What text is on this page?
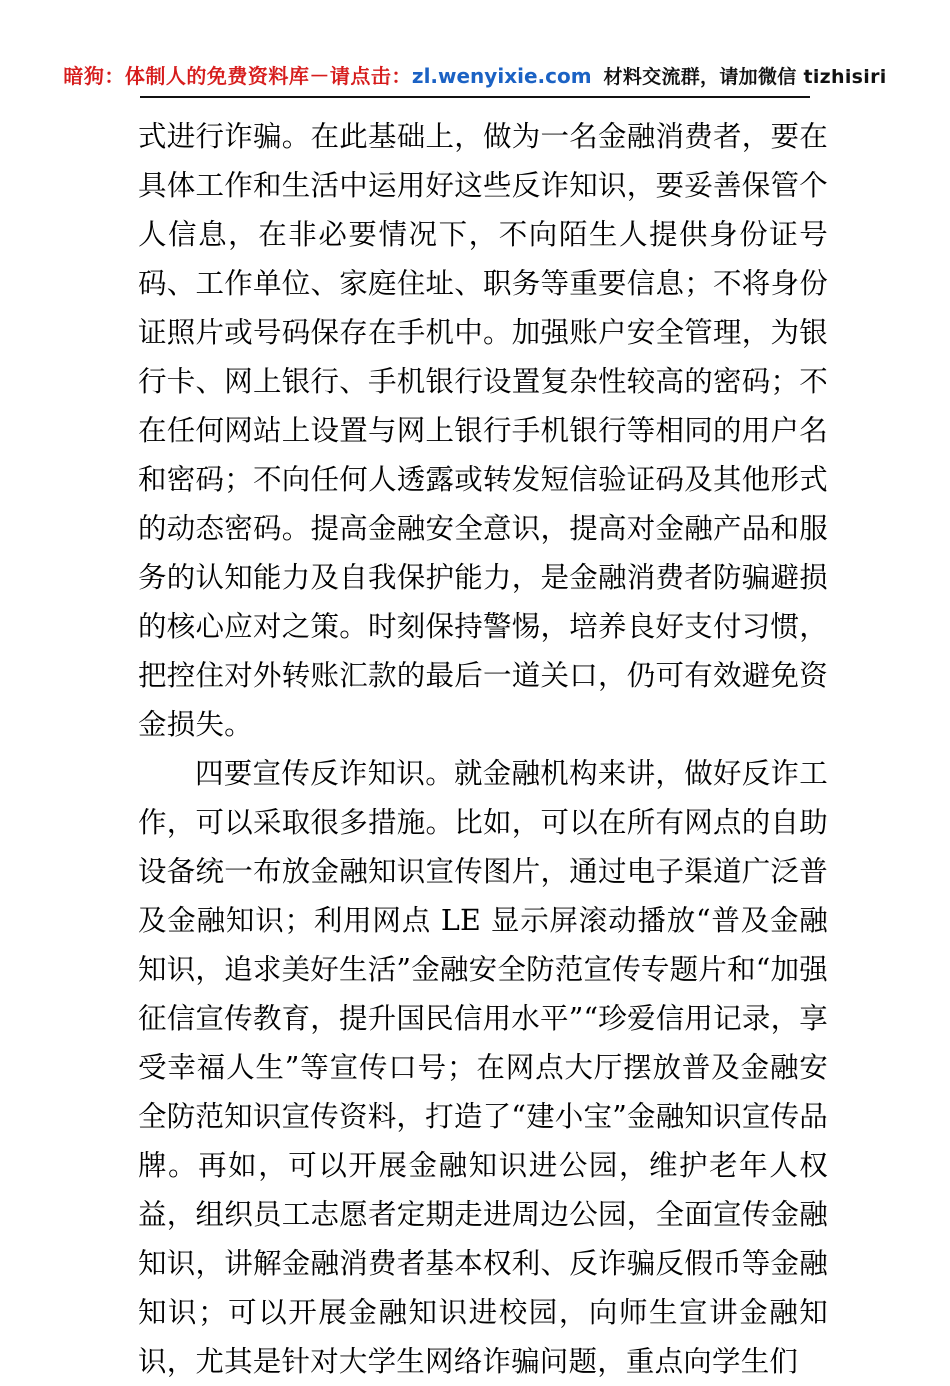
暗狗： 体制人的免费资料库 －请点击： zl.wenyixie.com 材料交流群，请加微信 tizhisiri

式进行诈骗。在此基础上，做为一名金融消费者，要在具体工作和生活中运用好这些反诈知识，要妥善保管个人信息，在非必要情况下，不向陌生人提供身份证号码、工作单位、家庭住址、职务等重要信息；不将身份证照片或号码保存在手机中。加强账户安全管理，为银行卡、网上银行、手机银行设置复杂性较高的密码；不在任何网站上设置与网上银行手机银行等相同的用户名和密码；不向任何人透露或转发短信验证码及其他形式的动态密码。提高金融安全意识，提高对金融产品和服务的认知能力及自我保护能力，是金融消费者防骗避损的核心应对之策。时刻保持警惕，培养良好支付习惯，把控住对外转账汇款的最后一道关口，仍可有效避免资金损失。

四要宣传反诈知识。就金融机构来讲，做好反诈工作，可以采取很多措施。比如，可以在所有网点的自助设备统一布放金融知识宣传图片，通过电子渠道广泛普及金融知识；利用网点 LE 显示屏滚动播放“普及金融知识，追求美好生活”金融安全防范宣传专题片和“加强征信宣传教育，提升国民信用水平”“珍爱信用记录，享受幸福人生”等宣传口号；在网点大厅摆放普及金融安全防范知识宣传资料，打造了“建小宝”金融知识宣传品牌。再如，可以开展金融知识进公园，维护老年人权益，组织员工志愿者定期走进周边公园，全面宣传金融知识，讲解金融消费者基本权利、反诈骗反假币等金融知识；可以开展金融知识进校园，向师生宣讲金融知识，尤其是针对大学生网络诈骗问题，重点向学生们
